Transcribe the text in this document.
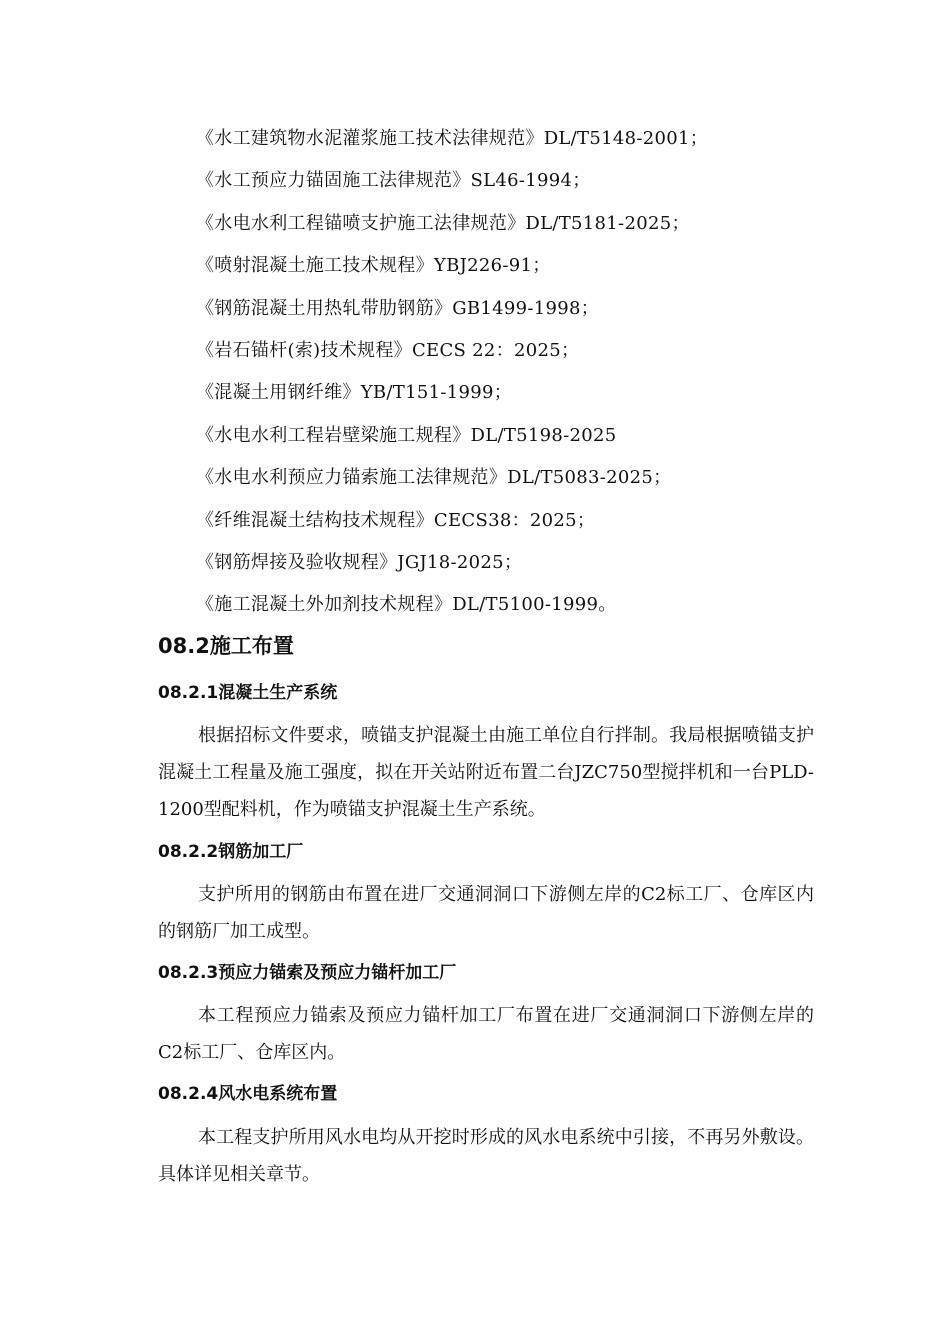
《水工建筑物水泥灌浆施工技术法律规范》DL/T5148-2001；
《水工预应力锚固施工法律规范》SL46-1994；
《水电水利工程锚喷支护施工法律规范》DL/T5181-2025；
《喷射混凝土施工技术规程》YBJ226-91；
《钢筋混凝土用热轧带肋钢筋》GB1499-1998；
《岩石锚杆(索)技术规程》CECS 22：2025；
《混凝土用钢纤维》YB/T151-1999；
《水电水利工程岩壁梁施工规程》DL/T5198-2025
《水电水利预应力锚索施工法律规范》DL/T5083-2025；
《纤维混凝土结构技术规程》CECS38：2025；
《钢筋焊接及验收规程》JGJ18-2025；
《施工混凝土外加剂技术规程》DL/T5100-1999。
08.2施工布置
08.2.1混凝土生产系统

根据招标文件要求，喷锚支护混凝土由施工单位自行拌制。我局根据喷锚支护混凝土工程量及施工强度，拟在开关站附近布置二台JZC750型搅拌机和一台PLD-1200型配料机，作为喷锚支护混凝土生产系统。

08.2.2钢筋加工厂

支护所用的钢筋由布置在进厂交通洞洞口下游侧左岸的C2标工厂、仓库区内的钢筋厂加工成型。

08.2.3预应力锚索及预应力锚杆加工厂

本工程预应力锚索及预应力锚杆加工厂布置在进厂交通洞洞口下游侧左岸的C2标工厂、仓库区内。

08.2.4风水电系统布置

本工程支护所用风水电均从开挖时形成的风水电系统中引接，不再另外敷设。具体详见相关章节。
